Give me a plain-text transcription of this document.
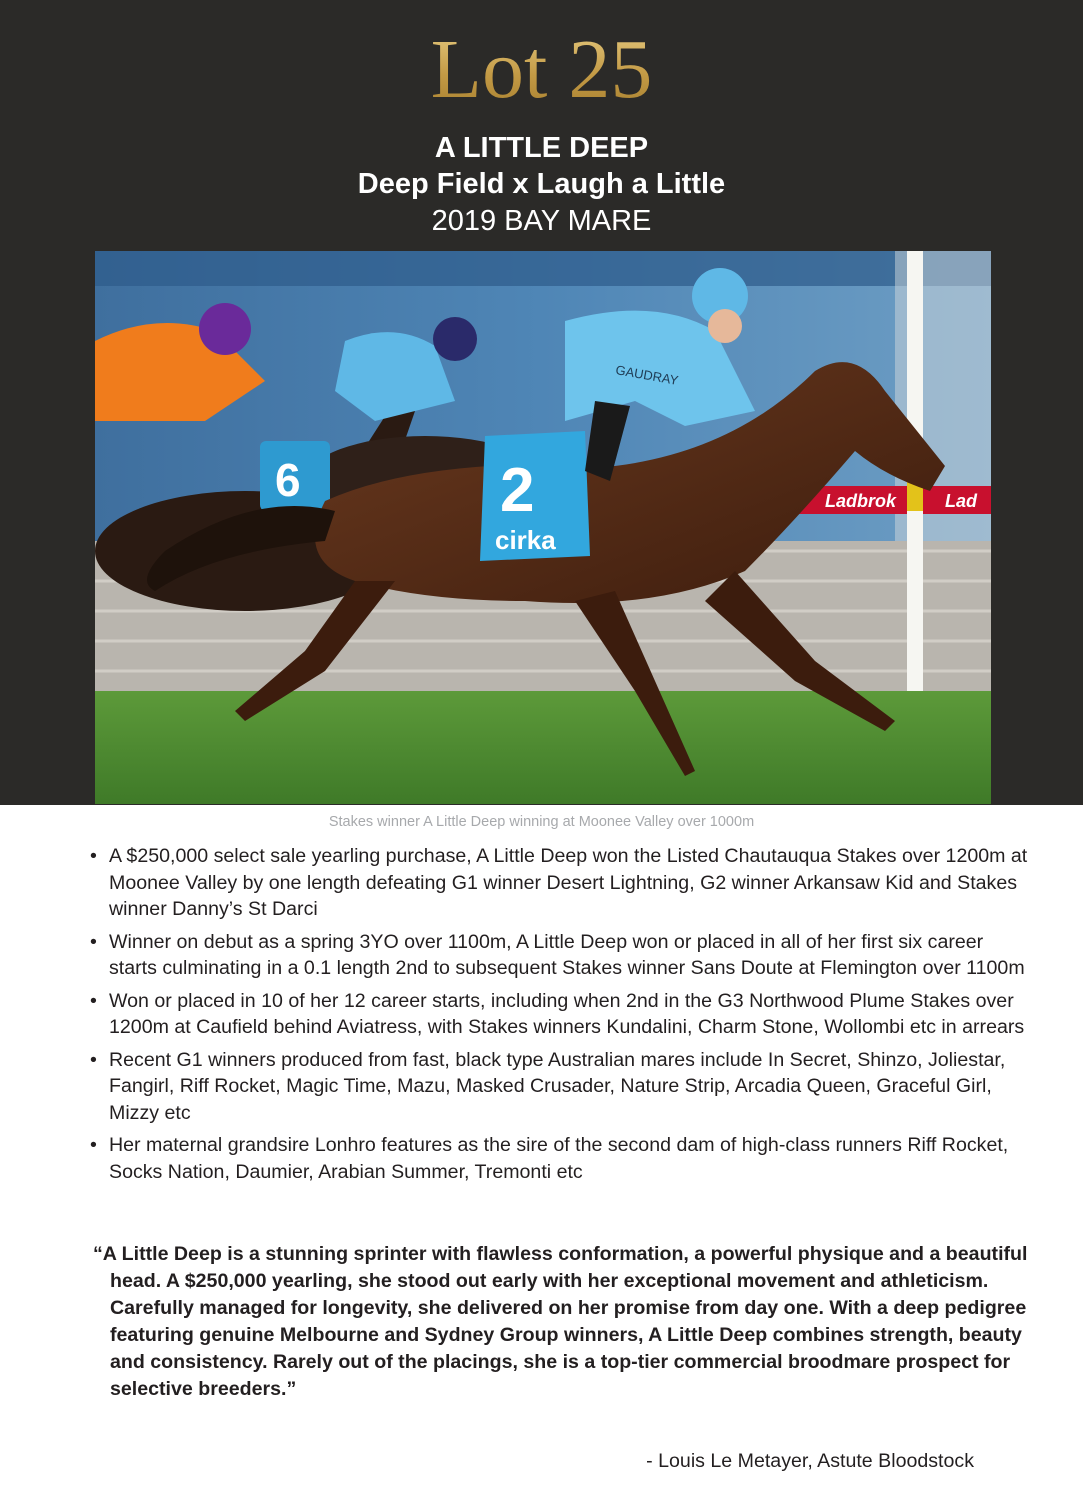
Lot 25
A LITTLE DEEP
Deep Field x Laugh a Little
2019 BAY MARE
Ladbrok	Lad
6	2
cirka
GAUDRAY
Stakes winner A Little Deep winning at Moonee Valley over 1000m
• A $250,000 select sale yearling purchase, A Little Deep won the Listed Chautauqua Stakes over 1200m at Moonee Valley by one length defeating G1 winner Desert Lightning, G2 winner Arkansaw Kid and Stakes winner Danny’s St Darci
• Winner on debut as a spring 3YO over 1100m, A Little Deep won or placed in all of her first six career starts culminating in a 0.1 length 2nd to subsequent Stakes winner Sans Doute at Flemington over 1100m
• Won or placed in 10 of her 12 career starts, including when 2nd in the G3 Northwood Plume Stakes over 1200m at Caufield behind Aviatress, with Stakes winners Kundalini, Charm Stone, Wollombi etc in arrears
• Recent G1 winners produced from fast, black type Australian mares include In Secret, Shinzo, Joliestar, Fangirl, Riff Rocket, Magic Time, Mazu, Masked Crusader, Nature Strip, Arcadia Queen, Graceful Girl, Mizzy etc
• Her maternal grandsire Lonhro features as the sire of the second dam of high-class runners Riff Rocket, Socks Nation, Daumier, Arabian Summer, Tremonti etc
“A Little Deep is a stunning sprinter with flawless conformation, a powerful physique and a beautiful head. A $250,000 yearling, she stood out early with her exceptional movement and athleticism. Carefully managed for longevity, she delivered on her promise from day one. With a deep pedigree featuring genuine Melbourne and Sydney Group winners, A Little Deep combines strength, beauty and consistency. Rarely out of the placings, she is a top-tier commercial broodmare prospect for selective breeders.”
- Louis Le Metayer, Astute Bloodstock
